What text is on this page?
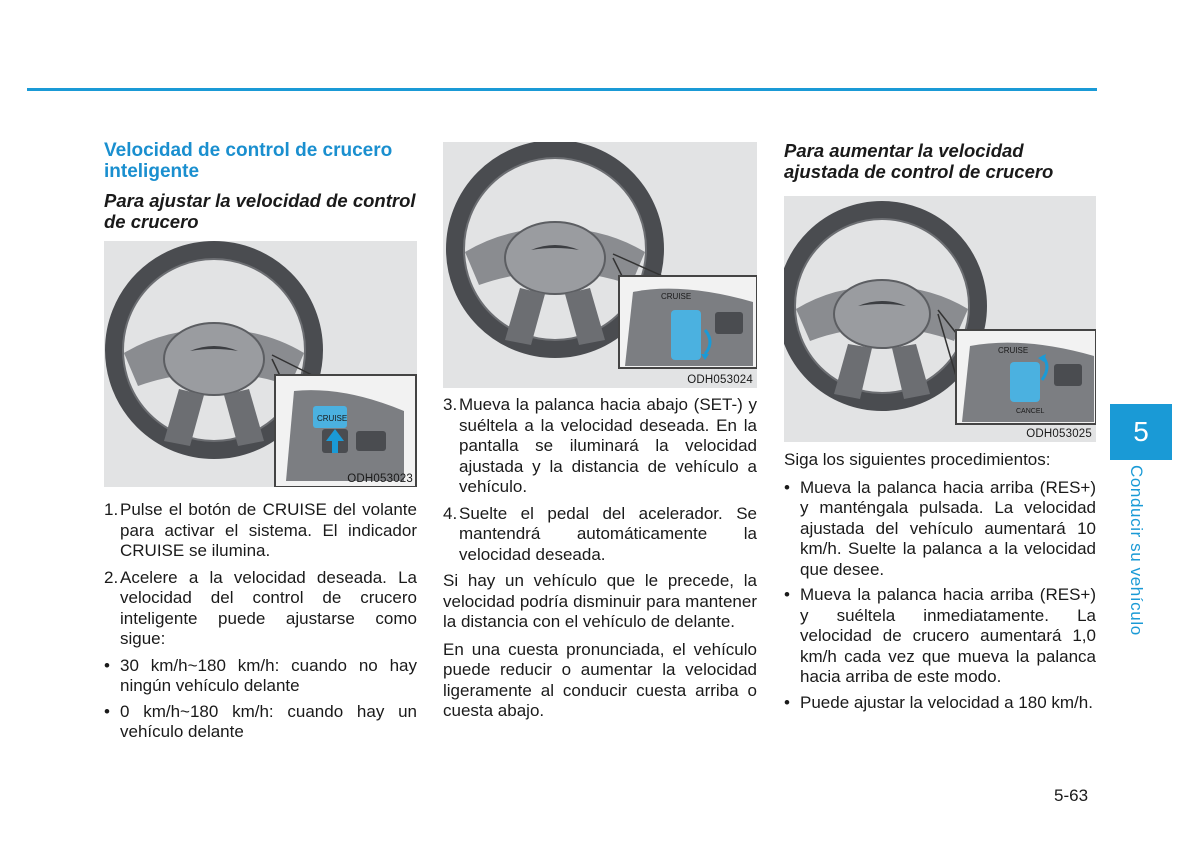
Velocidad de control de crucero inteligente
Para ajustar la velocidad de control de crucero
CRUISE
ODH053023
1. Pulse el botón de CRUISE del volante para activar el sistema. El indicador CRUISE se ilumina.
2. Acelere a la velocidad deseada. La velocidad del control de crucero inteligente puede ajustarse como sigue:
• 30 km/h~180 km/h: cuando no hay ningún vehículo delante
• 0 km/h~180 km/h: cuando hay un vehículo delante
CRUISE
ODH053024
3. Mueva la palanca hacia abajo (SET-) y suéltela a la velocidad deseada. En la pantalla se iluminará la velocidad ajustada y la distancia de vehículo a vehículo.
4. Suelte el pedal del acelerador. Se mantendrá automáticamente la velocidad deseada.

Si hay un vehículo que le precede, la velocidad podría disminuir para mantener la distancia con el vehículo de delante.

En una cuesta pronunciada, el vehículo puede reducir o aumentar la velocidad ligeramente al conducir cuesta arriba o cuesta abajo.

Para aumentar la velocidad ajustada de control de crucero
CRUISE
CANCEL
ODH053025

Siga los siguientes procedimientos:

• Mueva la palanca hacia arriba (RES+) y manténgala pulsada. La velocidad ajustada del vehículo aumentará 10 km/h. Suelte la palanca a la velocidad que desee.
• Mueva la palanca hacia arriba (RES+) y suéltela inmediatamente. La velocidad de crucero aumentará 1,0 km/h cada vez que mueva la palanca hacia arriba de este modo.
• Puede ajustar la velocidad a 180 km/h.
5
Conducir su vehículo
5-63
